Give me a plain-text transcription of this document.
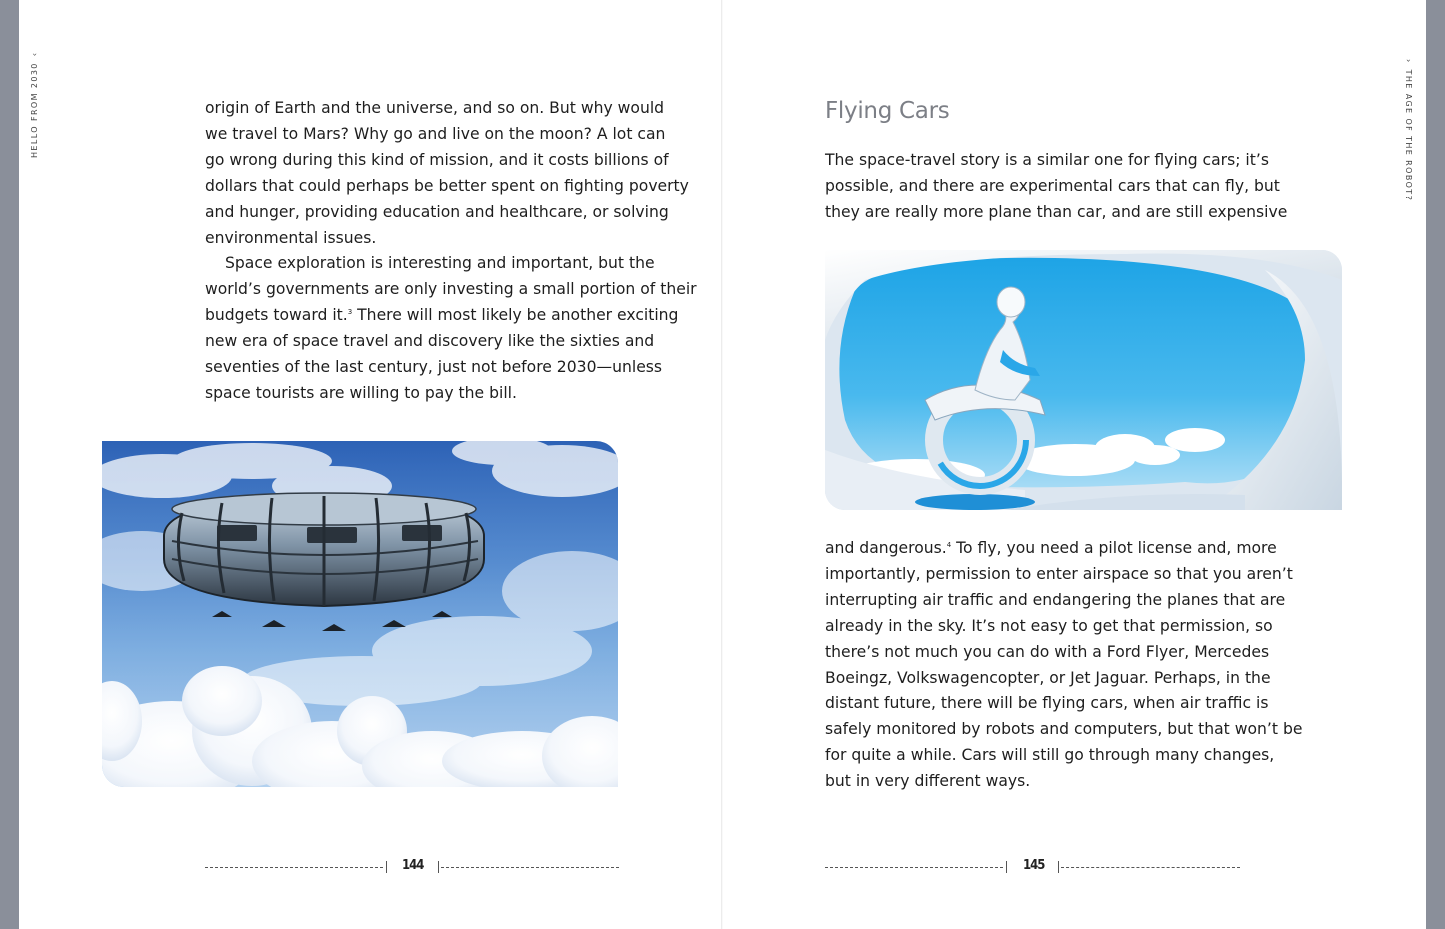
HELLO FROM 2030‹
›THE AGE OF THE ROBOT?

origin of Earth and the universe, and so on. But why would
we travel to Mars? Why go and live on the moon? A lot can
go wrong during this kind of mission, and it costs billions of
dollars that could perhaps be better spent on fighting poverty
and hunger, providing education and healthcare, or solving
environmental issues.

Space exploration is interesting and important, but the
world’s governments are only investing a small portion of their
budgets toward it.$^3$ There will most likely be another exciting
new era of space travel and discovery like the sixties and
seventies of the last century, just not before 2030—unless
space tourists are willing to pay the bill.

Flying Cars
The space-travel story is a similar one for flying cars; it’s
possible, and there are experimental cars that can fly, but
they are really more plane than car, and are still expensive
and dangerous.$^4$ To fly, you need a pilot license and, more
importantly, permission to enter airspace so that you aren’t
interrupting air traffic and endangering the planes that are
already in the sky. It’s not easy to get that permission, so
there’s not much you can do with a Ford Flyer, Mercedes
Boeingz, Volkswagencopter, or Jet Jaguar. Perhaps, in the
distant future, there will be flying cars, when air traffic is
safely monitored by robots and computers, but that won’t be
for quite a while. Cars will still go through many changes,
but in very different ways.
144	145
